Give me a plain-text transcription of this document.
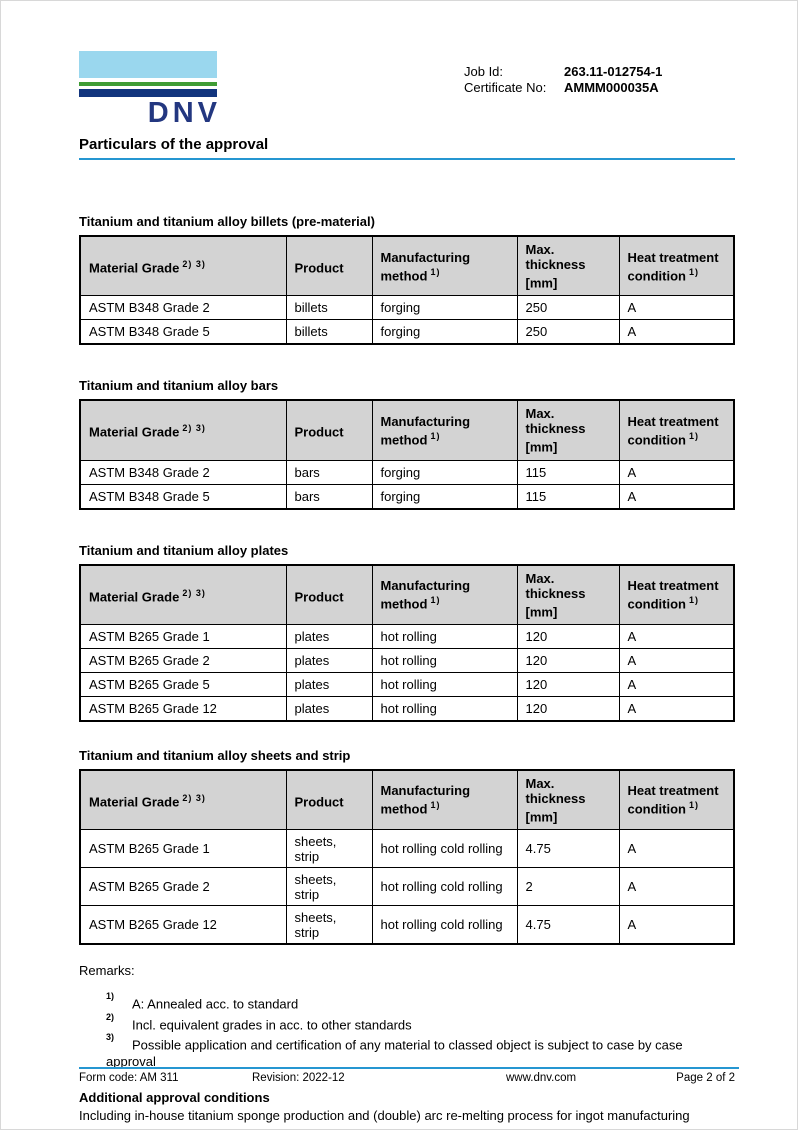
DNV
Job Id:	263.11-012754-1
Certificate No:	AMMM000035A
Particulars of the approval
Titanium and titanium alloy billets (pre-material)
Material Grade $^{2) 3)}$	Product	Manufacturing method $^{1)}$	Max. thickness [mm]	Heat treatment condition $^{1)}$
ASTM B348 Grade 2	billets	forging	250	A
ASTM B348 Grade 5	billets	forging	250	A
Titanium and titanium alloy bars
Material Grade $^{2) 3)}$	Product	Manufacturing method $^{1)}$	Max. thickness [mm]	Heat treatment condition $^{1)}$
ASTM B348 Grade 2	bars	forging	115	A
ASTM B348 Grade 5	bars	forging	115	A
Titanium and titanium alloy plates
Material Grade $^{2) 3)}$	Product	Manufacturing method $^{1)}$	Max. thickness [mm]	Heat treatment condition $^{1)}$
ASTM B265 Grade 1	plates	hot rolling	120	A
ASTM B265 Grade 2	plates	hot rolling	120	A
ASTM B265 Grade 5	plates	hot rolling	120	A
ASTM B265 Grade 12	plates	hot rolling	120	A
Titanium and titanium alloy sheets and strip
Material Grade $^{2) 3)}$	Product	Manufacturing method $^{1)}$	Max. thickness [mm]	Heat treatment condition $^{1)}$
ASTM B265 Grade 1	sheets, strip	hot rolling cold rolling	4.75	A
ASTM B265 Grade 2	sheets, strip	hot rolling cold rolling	2	A
ASTM B265 Grade 12	sheets, strip	hot rolling cold rolling	4.75	A
Remarks:
$^{1)}$A: Annealed acc. to standard
$^{2)}$Incl. equivalent grades in acc. to other standards
$^{3)}$Possible application and certification of any material to classed object is subject to case by case approval
Additional approval conditions
Including in-house titanium sponge production and (double) arc re-melting process for ingot manufacturing
Form code: AM 311	Revision: 2022-12	www.dnv.com	Page 2 of 2
